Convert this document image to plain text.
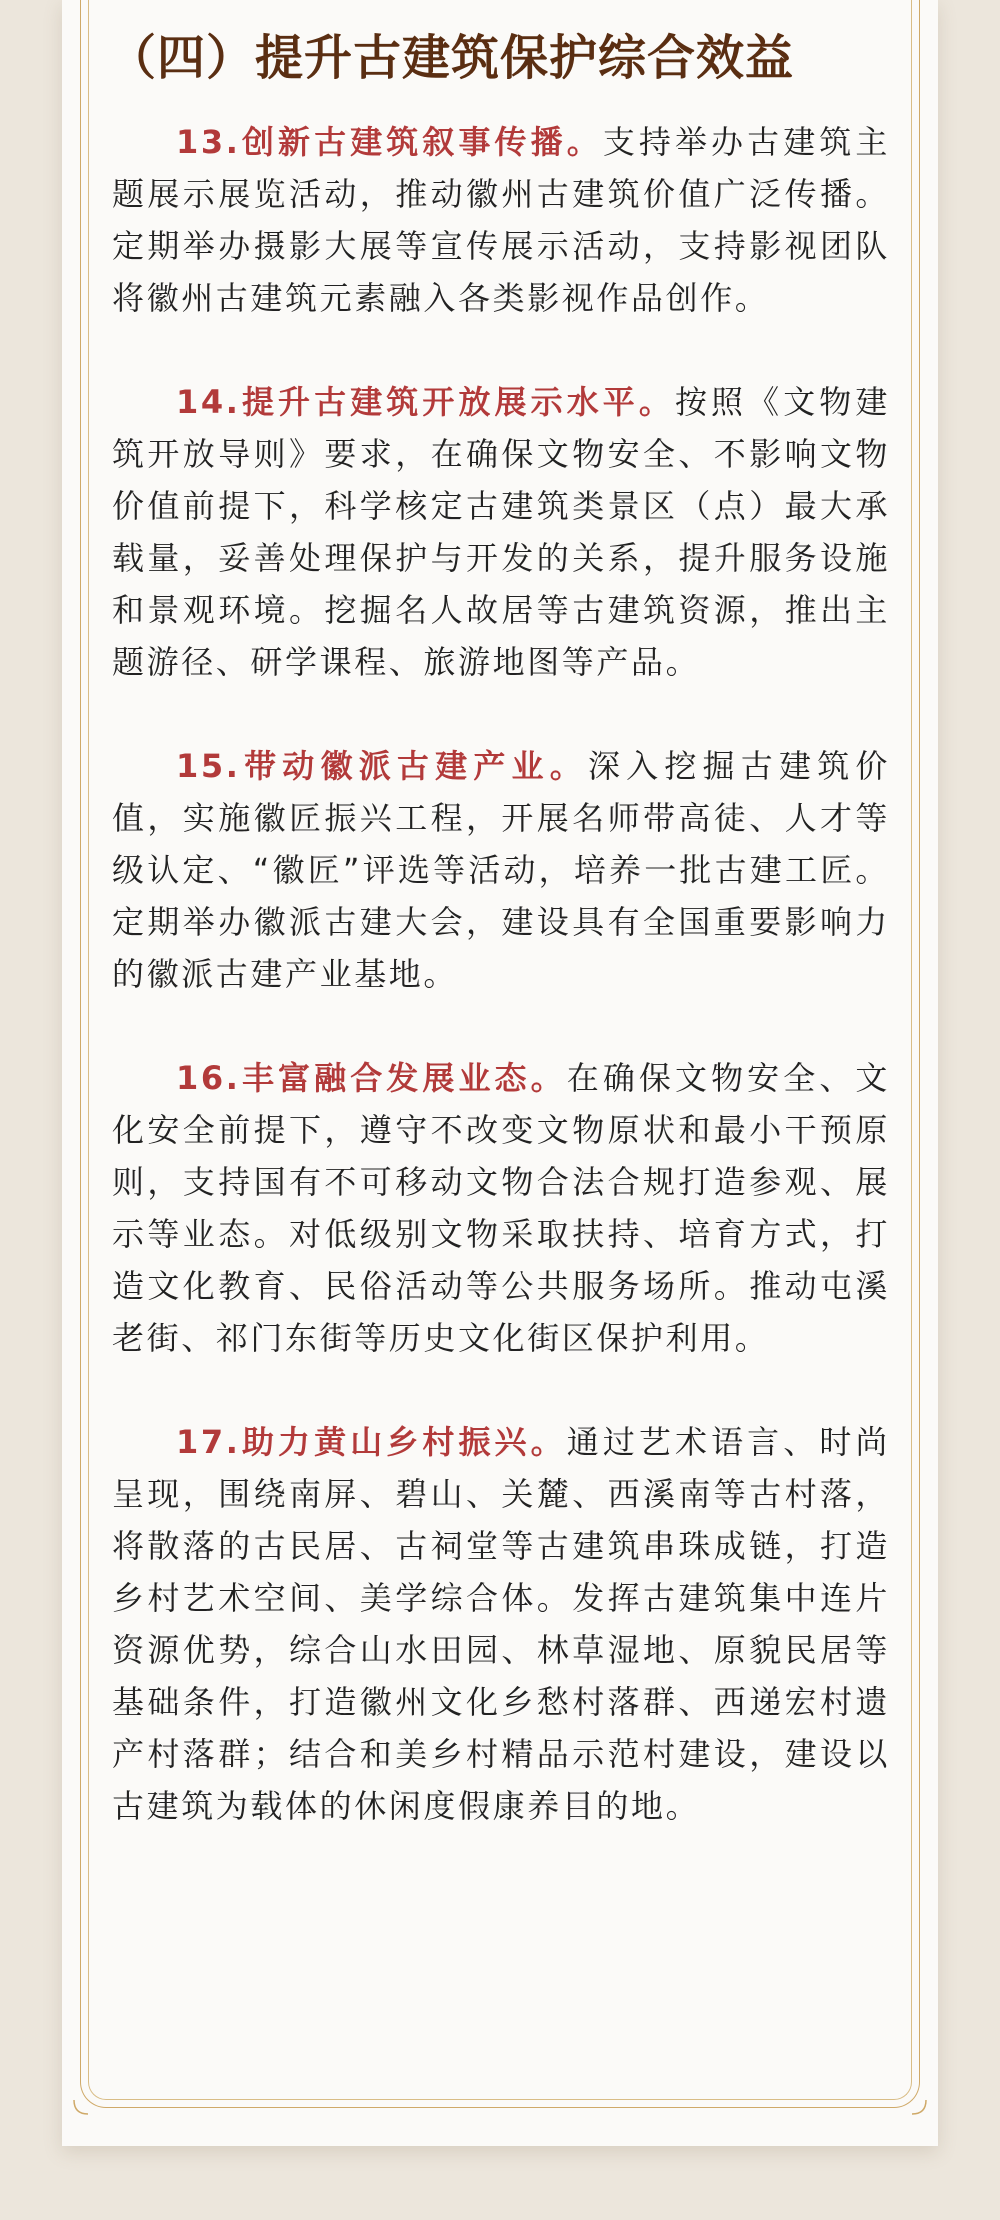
（四）提升古建筑保护综合效益

13.创新古建筑叙事传播。支持举办古建筑主题展示展览活动，推动徽州古建筑价值广泛传播。定期举办摄影大展等宣传展示活动，支持影视团队将徽州古建筑元素融入各类影视作品创作。

14.提升古建筑开放展示水平。按照《文物建筑开放导则》要求，在确保文物安全、不影响文物价值前提下，科学核定古建筑类景区（点）最大承载量，妥善处理保护与开发的关系，提升服务设施和景观环境。挖掘名人故居等古建筑资源，推出主题游径、研学课程、旅游地图等产品。

15.带动徽派古建产业。深入挖掘古建筑价值，实施徽匠振兴工程，开展名师带高徒、人才等级认定、“徽匠”评选等活动，培养一批古建工匠。定期举办徽派古建大会，建设具有全国重要影响力的徽派古建产业基地。

16.丰富融合发展业态。在确保文物安全、文化安全前提下，遵守不改变文物原状和最小干预原则，支持国有不可移动文物合法合规打造参观、展示等业态。对低级别文物采取扶持、培育方式，打造文化教育、民俗活动等公共服务场所。推动屯溪老街、祁门东街等历史文化街区保护利用。

17.助力黄山乡村振兴。通过艺术语言、时尚呈现，围绕南屏、碧山、关麓、西溪南等古村落，将散落的古民居、古祠堂等古建筑串珠成链，打造乡村艺术空间、美学综合体。发挥古建筑集中连片资源优势，综合山水田园、林草湿地、原貌民居等基础条件，打造徽州文化乡愁村落群、西递宏村遗产村落群；结合和美乡村精品示范村建设，建设以古建筑为载体的休闲度假康养目的地。
